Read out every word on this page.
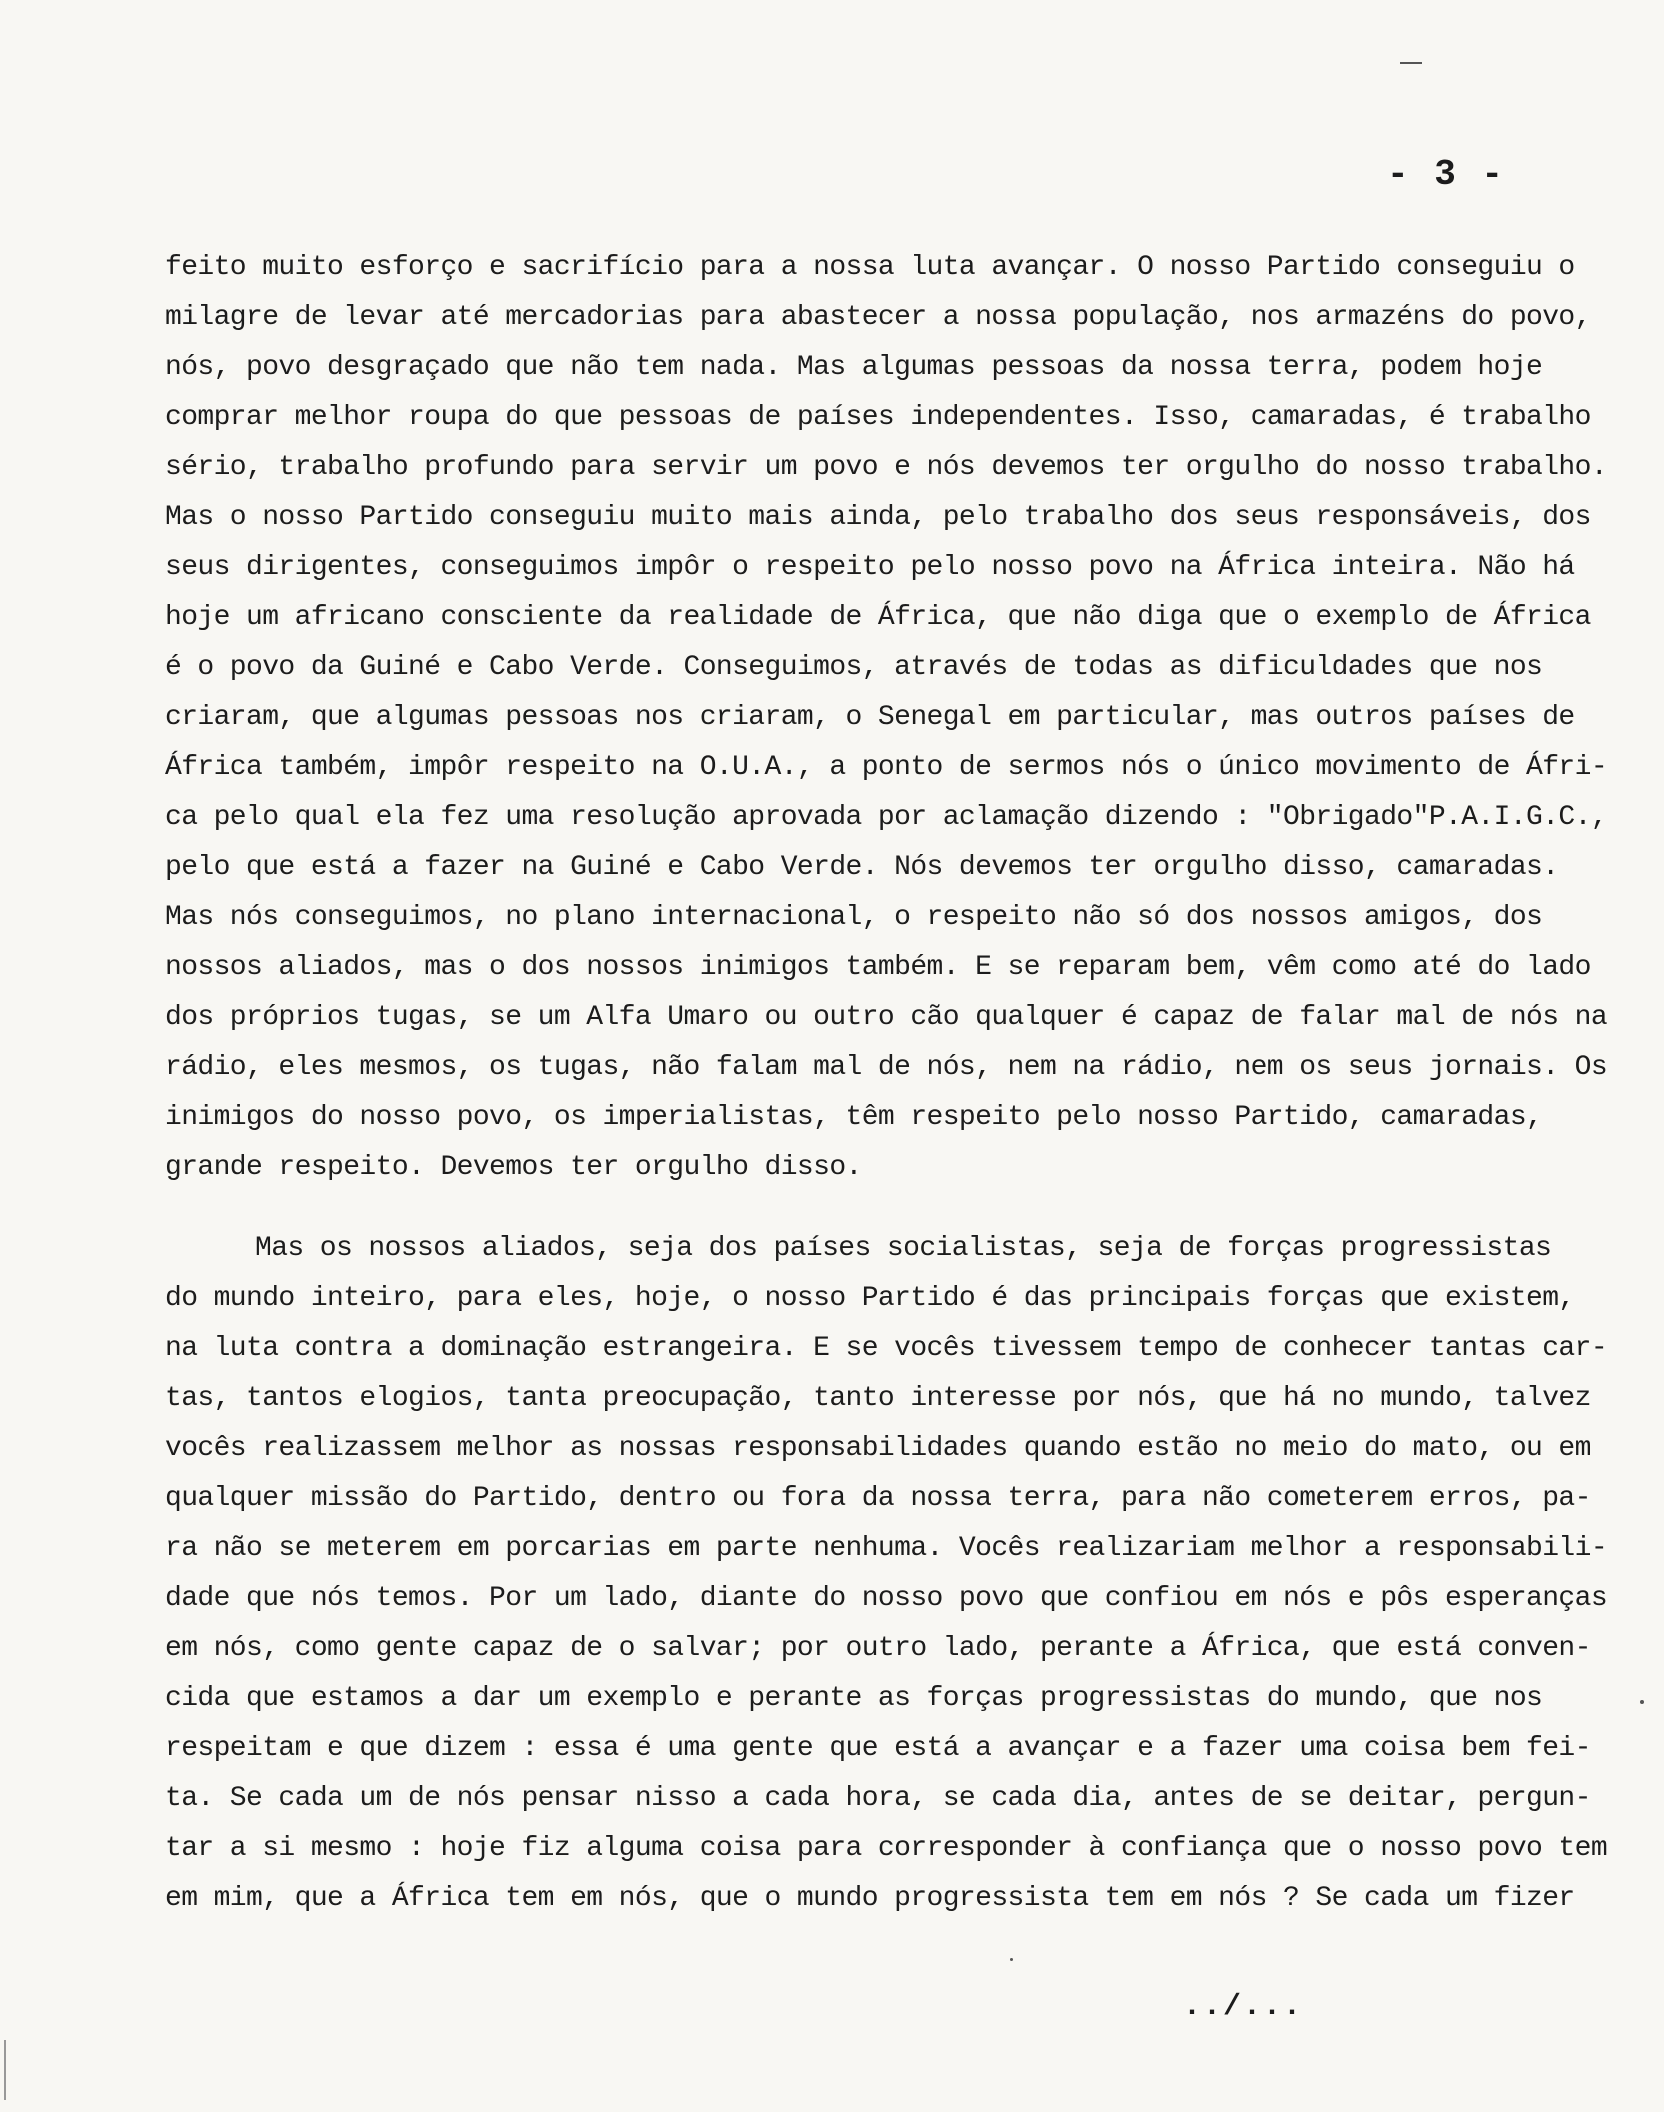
- 3 -
feito muito esforço e sacrifício para a nossa luta avançar. O nosso Partido conseguiu o
milagre de levar até mercadorias para abastecer a nossa população, nos armazéns do povo,
nós, povo desgraçado que não tem nada. Mas algumas pessoas da nossa terra, podem hoje
comprar melhor roupa do que pessoas de países independentes. Isso, camaradas, é trabalho
sério, trabalho profundo para servir um povo e nós devemos ter orgulho do nosso trabalho.
Mas o nosso Partido conseguiu muito mais ainda, pelo trabalho dos seus responsáveis, dos
seus dirigentes, conseguimos impôr o respeito pelo nosso povo na África inteira. Não há
hoje um africano consciente da realidade de África, que não diga que o exemplo de África
é o povo da Guiné e Cabo Verde. Conseguimos, através de todas as dificuldades que nos
criaram, que algumas pessoas nos criaram, o Senegal em particular, mas outros países de
África também, impôr respeito na O.U.A., a ponto de sermos nós o único movimento de Áfri-
ca pelo qual ela fez uma resolução aprovada por aclamação dizendo : "Obrigado"P.A.I.G.C.,
pelo que está a fazer na Guiné e Cabo Verde. Nós devemos ter orgulho disso, camaradas.
Mas nós conseguimos, no plano internacional, o respeito não só dos nossos amigos, dos
nossos aliados, mas o dos nossos inimigos também. E se reparam bem, vêm como até do lado
dos próprios tugas, se um Alfa Umaro ou outro cão qualquer é capaz de falar mal de nós na
rádio, eles mesmos, os tugas, não falam mal de nós, nem na rádio, nem os seus jornais. Os
inimigos do nosso povo, os imperialistas, têm respeito pelo nosso Partido, camaradas,
grande respeito. Devemos ter orgulho disso.
Mas os nossos aliados, seja dos países socialistas, seja de forças progressistas
do mundo inteiro, para eles, hoje, o nosso Partido é das principais forças que existem,
na luta contra a dominação estrangeira. E se vocês tivessem tempo de conhecer tantas car-
tas, tantos elogios, tanta preocupação, tanto interesse por nós, que há no mundo, talvez
vocês realizassem melhor as nossas responsabilidades quando estão no meio do mato, ou em
qualquer missão do Partido, dentro ou fora da nossa terra, para não cometerem erros, pa-
ra não se meterem em porcarias em parte nenhuma. Vocês realizariam melhor a responsabili-
dade que nós temos. Por um lado, diante do nosso povo que confiou em nós e pôs esperanças
em nós, como gente capaz de o salvar; por outro lado, perante a África, que está conven-
cida que estamos a dar um exemplo e perante as forças progressistas do mundo, que nos
respeitam e que dizem : essa é uma gente que está a avançar e a fazer uma coisa bem fei-
ta. Se cada um de nós pensar nisso a cada hora, se cada dia, antes de se deitar, pergun-
tar a si mesmo : hoje fiz alguma coisa para corresponder à confiança que o nosso povo tem
em mim, que a África tem em nós, que o mundo progressista tem em nós ? Se cada um fizer
../...
